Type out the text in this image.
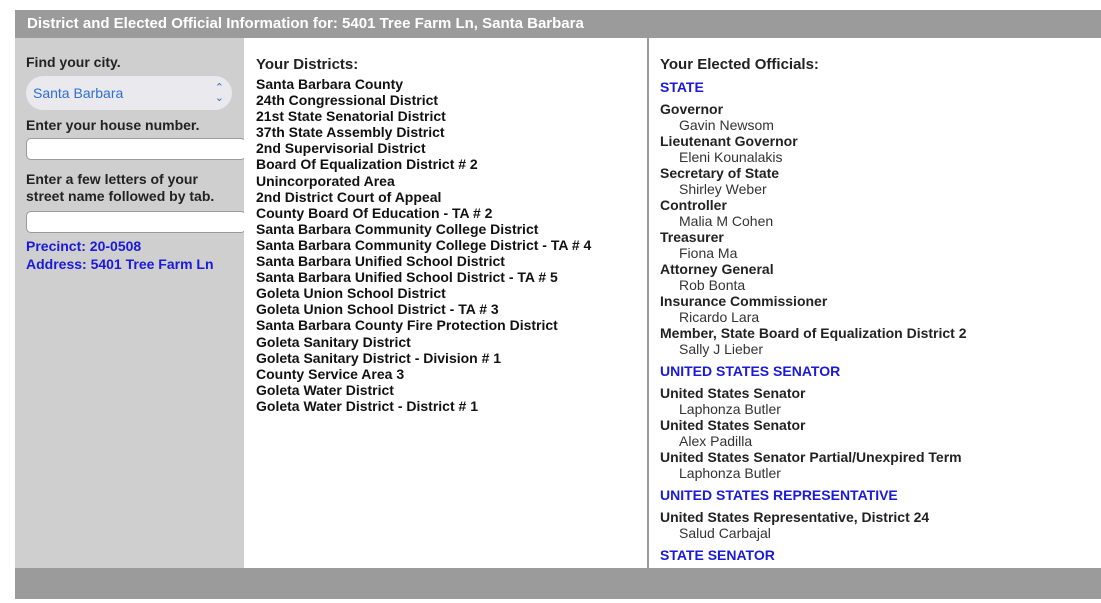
District and Elected Official Information for: 5401 Tree Farm Ln, Santa Barbara
Find your city.
Santa Barbara	⌃
⌄
Enter your house number.
Enter a few letters of your
street name followed by tab.
Precinct: 20-0508
Address: 5401 Tree Farm Ln
Your Districts:
Santa Barbara County
24th Congressional District
21st State Senatorial District
37th State Assembly District
2nd Supervisorial District
Board Of Equalization District # 2
Unincorporated Area
2nd District Court of Appeal
County Board Of Education - TA # 2
Santa Barbara Community College District
Santa Barbara Community College District - TA # 4
Santa Barbara Unified School District
Santa Barbara Unified School District - TA # 5
Goleta Union School District
Goleta Union School District - TA # 3
Santa Barbara County Fire Protection District
Goleta Sanitary District
Goleta Sanitary District - Division # 1
County Service Area 3
Goleta Water District
Goleta Water District - District # 1
Your Elected Officials:
STATE
Governor
Gavin Newsom
Lieutenant Governor
Eleni Kounalakis
Secretary of State
Shirley Weber
Controller
Malia M Cohen
Treasurer
Fiona Ma
Attorney General
Rob Bonta
Insurance Commissioner
Ricardo Lara
Member, State Board of Equalization District 2
Sally J Lieber
UNITED STATES SENATOR
United States Senator
Laphonza Butler
United States Senator
Alex Padilla
United States Senator Partial/Unexpired Term
Laphonza Butler
UNITED STATES REPRESENTATIVE
United States Representative, District 24
Salud Carbajal
STATE SENATOR
